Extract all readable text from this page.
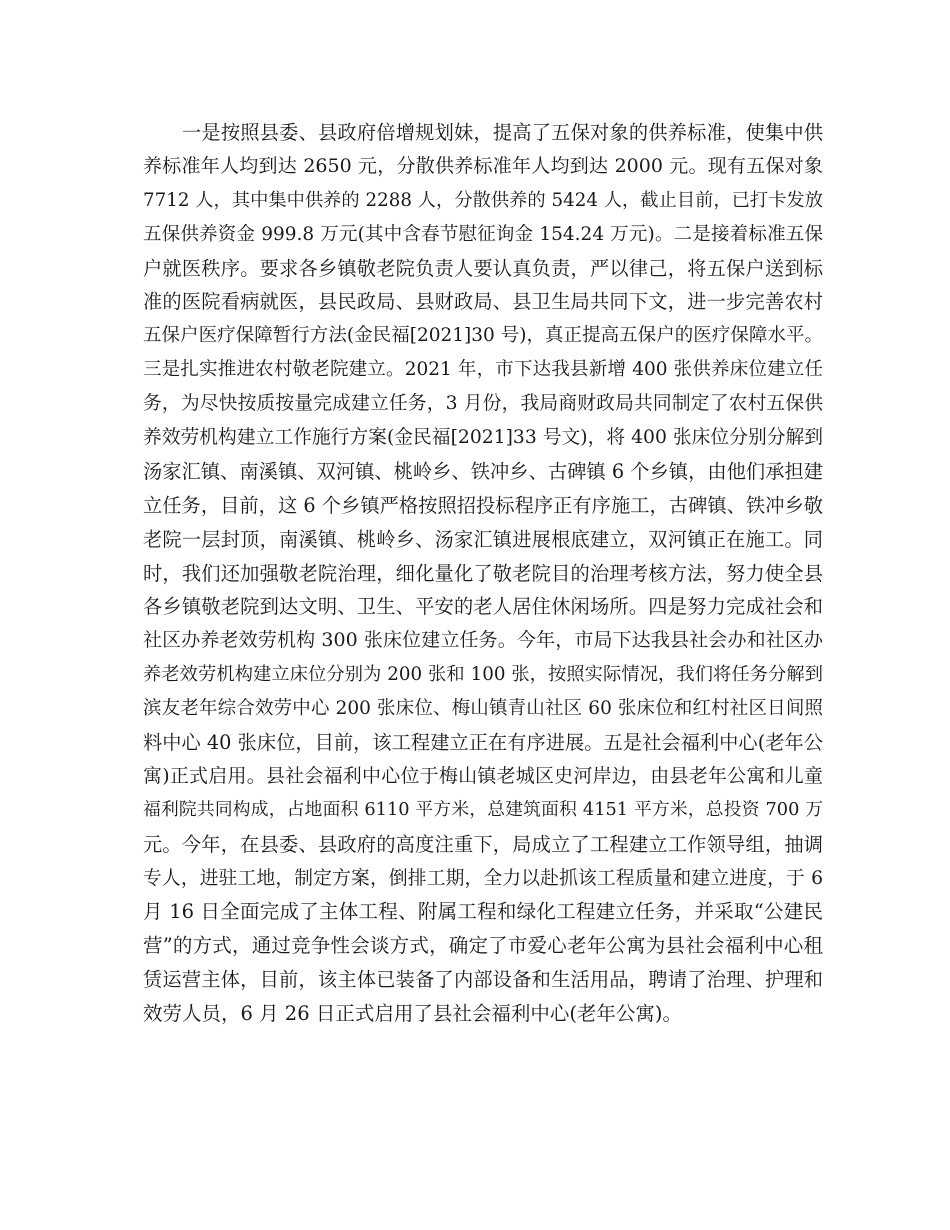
一是按照县委、县政府倍增规划妹，提高了五保对象的供养标准，使集中供
养标准年人均到达 2650 元，分散供养标准年人均到达 2000 元。现有五保对象
7712 人，其中集中供养的 2288 人，分散供养的 5424 人，截止目前，已打卡发放
五保供养资金 999.8 万元(其中含春节慰征询金 154.24 万元)。二是接着标准五保
户就医秩序。要求各乡镇敬老院负责人要认真负责，严以律己，将五保户送到标
准的医院看病就医，县民政局、县财政局、县卫生局共同下文，进一步完善农村
五保户医疗保障暂行方法(金民福[2021]30 号)，真正提高五保户的医疗保障水平。
三是扎实推进农村敬老院建立。2021 年，市下达我县新增 400 张供养床位建立任
务，为尽快按质按量完成建立任务，3 月份，我局商财政局共同制定了农村五保供
养效劳机构建立工作施行方案(金民福[2021]33 号文)，将 400 张床位分别分解到
汤家汇镇、南溪镇、双河镇、桃岭乡、铁冲乡、古碑镇 6 个乡镇，由他们承担建
立任务，目前，这 6 个乡镇严格按照招投标程序正有序施工，古碑镇、铁冲乡敬
老院一层封顶，南溪镇、桃岭乡、汤家汇镇进展根底建立，双河镇正在施工。同
时，我们还加强敬老院治理，细化量化了敬老院目的治理考核方法，努力使全县
各乡镇敬老院到达文明、卫生、平安的老人居住休闲场所。四是努力完成社会和
社区办养老效劳机构 300 张床位建立任务。今年，市局下达我县社会办和社区办
养老效劳机构建立床位分别为 200 张和 100 张，按照实际情况，我们将任务分解到
滨友老年综合效劳中心 200 张床位、梅山镇青山社区 60 张床位和红村社区日间照
料中心 40 张床位，目前，该工程建立正在有序进展。五是社会福利中心(老年公
寓)正式启用。县社会福利中心位于梅山镇老城区史河岸边，由县老年公寓和儿童
福利院共同构成，占地面积 6110 平方米，总建筑面积 4151 平方米，总投资 700 万
元。今年，在县委、县政府的高度注重下，局成立了工程建立工作领导组，抽调
专人，进驻工地，制定方案，倒排工期，全力以赴抓该工程质量和建立进度，于 6
月 16 日全面完成了主体工程、附属工程和绿化工程建立任务，并采取“公建民
营”的方式，通过竞争性会谈方式，确定了市爱心老年公寓为县社会福利中心租
赁运营主体，目前，该主体已装备了内部设备和生活用品，聘请了治理、护理和
效劳人员，6 月 26 日正式启用了县社会福利中心(老年公寓)。
